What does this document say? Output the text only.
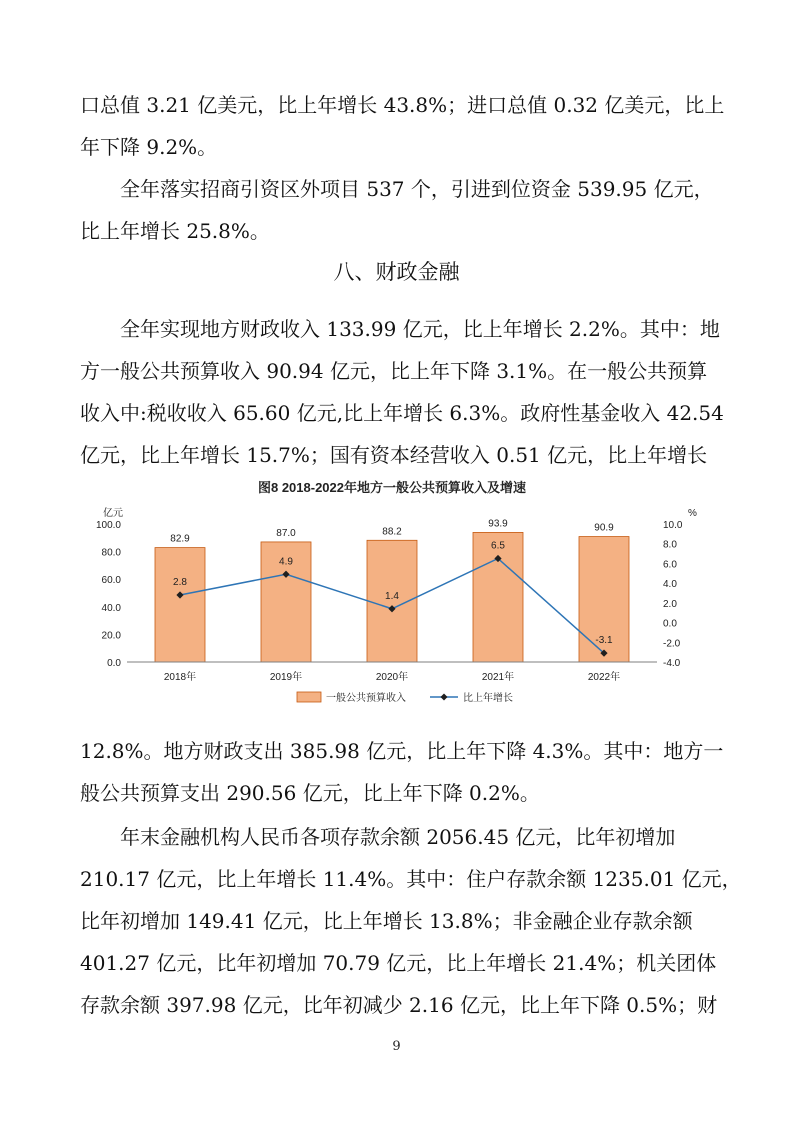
口总值 3.21 亿美元，比上年增长 43.8%；进口总值 0.32 亿美元，比上
年下降 9.2%。

　　全年落实招商引资区外项目 537 个，引进到位资金 539.95 亿元，
比上年增长 25.8%。

八、财政金融

　　全年实现地方财政收入 133.99 亿元，比上年增长 2.2%。其中：地
方一般公共预算收入 90.94 亿元，比上年下降 3.1%。在一般公共预算
收入中:税收收入 65.60 亿元,比上年增长 6.3%。政府性基金收入 42.54
亿元，比上年增长 15.7%；国有资本经营收入 0.51 亿元，比上年增长

图8 2018-2022年地方一般公共预算收入及增速
亿元	%
0.0
20.0
40.0
60.0
80.0
100.0
-4.0
-2.0
0.0
2.0
4.0
6.0
8.0
10.0
82.9
87.0	88.2
93.9	90.9
2018年	2019年	2020年	2021年	2022年
2.8
4.9
1.4
6.5
-3.1
一般公共预算收入	比上年增长

12.8%。地方财政支出 385.98 亿元，比上年下降 4.3%。其中：地方一
般公共预算支出 290.56 亿元，比上年下降 0.2%。

　　年末金融机构人民币各项存款余额 2056.45 亿元，比年初增加
210.17 亿元，比上年增长 11.4%。其中：住户存款余额 1235.01 亿元，
比年初增加 149.41 亿元，比上年增长 13.8%；非金融企业存款余额
401.27 亿元，比年初增加 70.79 亿元，比上年增长 21.4%；机关团体
存款余额 397.98 亿元，比年初减少 2.16 亿元，比上年下降 0.5%；财

9
